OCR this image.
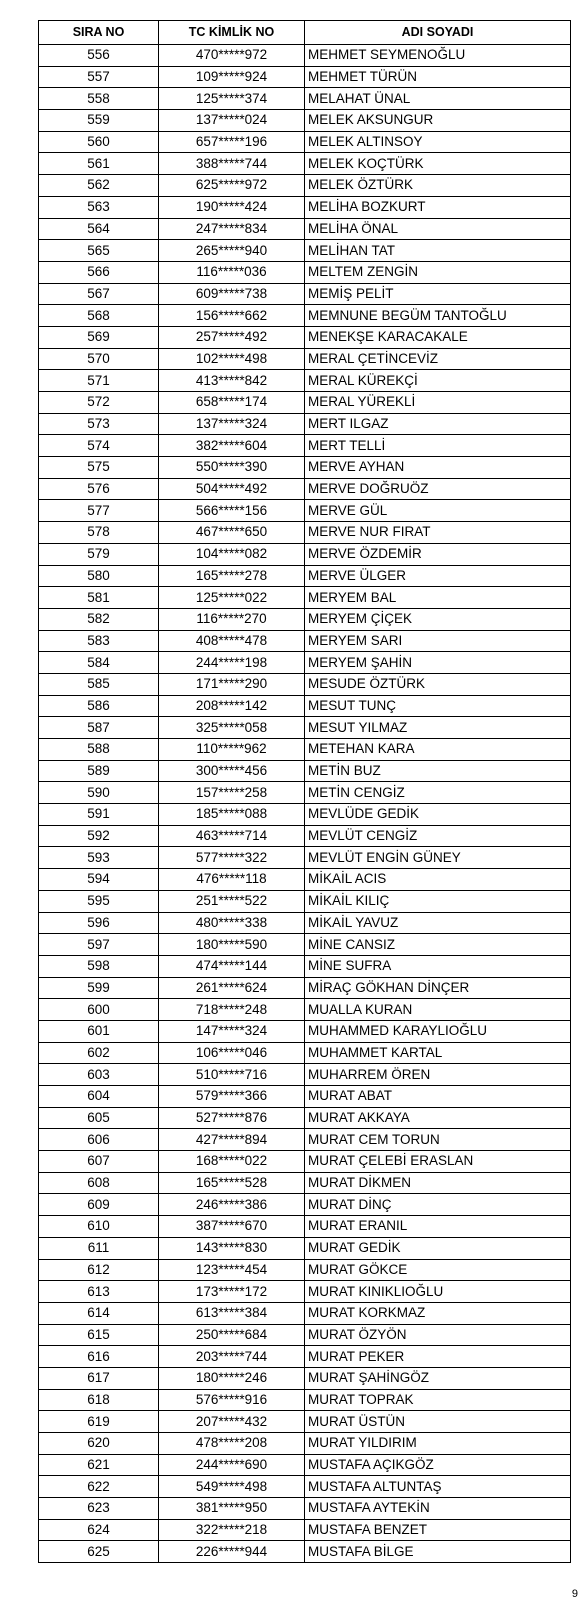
SIRA NO	TC KİMLİK NO	ADI SOYADI
556	470*****972	MEHMET SEYMENOĞLU
557	109*****924	MEHMET TÜRÜN
558	125*****374	MELAHAT ÜNAL
559	137*****024	MELEK AKSUNGUR
560	657*****196	MELEK ALTINSOY
561	388*****744	MELEK KOÇTÜRK
562	625*****972	MELEK ÖZTÜRK
563	190*****424	MELİHA BOZKURT
564	247*****834	MELİHA ÖNAL
565	265*****940	MELİHAN TAT
566	116*****036	MELTEM ZENGİN
567	609*****738	MEMİŞ PELİT
568	156*****662	MEMNUNE BEGÜM TANTOĞLU
569	257*****492	MENEKŞE KARACAKALE
570	102*****498	MERAL ÇETİNCEVİZ
571	413*****842	MERAL KÜREKÇİ
572	658*****174	MERAL YÜREKLİ
573	137*****324	MERT ILGAZ
574	382*****604	MERT TELLİ
575	550*****390	MERVE AYHAN
576	504*****492	MERVE DOĞRUÖZ
577	566*****156	MERVE GÜL
578	467*****650	MERVE NUR FIRAT
579	104*****082	MERVE ÖZDEMİR
580	165*****278	MERVE ÜLGER
581	125*****022	MERYEM BAL
582	116*****270	MERYEM ÇİÇEK
583	408*****478	MERYEM SARI
584	244*****198	MERYEM ŞAHİN
585	171*****290	MESUDE ÖZTÜRK
586	208*****142	MESUT TUNÇ
587	325*****058	MESUT YILMAZ
588	110*****962	METEHAN KARA
589	300*****456	METİN BUZ
590	157*****258	METİN CENGİZ
591	185*****088	MEVLÜDE GEDİK
592	463*****714	MEVLÜT CENGİZ
593	577*****322	MEVLÜT ENGİN GÜNEY
594	476*****118	MİKAİL ACIS
595	251*****522	MİKAİL KILIÇ
596	480*****338	MİKAİL YAVUZ
597	180*****590	MİNE CANSIZ
598	474*****144	MİNE SUFRA
599	261*****624	MİRAÇ GÖKHAN DİNÇER
600	718*****248	MUALLA KURAN
601	147*****324	MUHAMMED KARAYLIOĞLU
602	106*****046	MUHAMMET KARTAL
603	510*****716	MUHARREM ÖREN
604	579*****366	MURAT ABAT
605	527*****876	MURAT AKKAYA
606	427*****894	MURAT CEM TORUN
607	168*****022	MURAT ÇELEBİ ERASLAN
608	165*****528	MURAT DİKMEN
609	246*****386	MURAT DİNÇ
610	387*****670	MURAT ERANIL
611	143*****830	MURAT GEDİK
612	123*****454	MURAT GÖKCE
613	173*****172	MURAT KINIKLIOĞLU
614	613*****384	MURAT KORKMAZ
615	250*****684	MURAT ÖZYÖN
616	203*****744	MURAT PEKER
617	180*****246	MURAT ŞAHİNGÖZ
618	576*****916	MURAT TOPRAK
619	207*****432	MURAT ÜSTÜN
620	478*****208	MURAT YILDIRIM
621	244*****690	MUSTAFA AÇIKGÖZ
622	549*****498	MUSTAFA ALTUNTAŞ
623	381*****950	MUSTAFA AYTEKİN
624	322*****218	MUSTAFA BENZET
625	226*****944	MUSTAFA BİLGE
9
